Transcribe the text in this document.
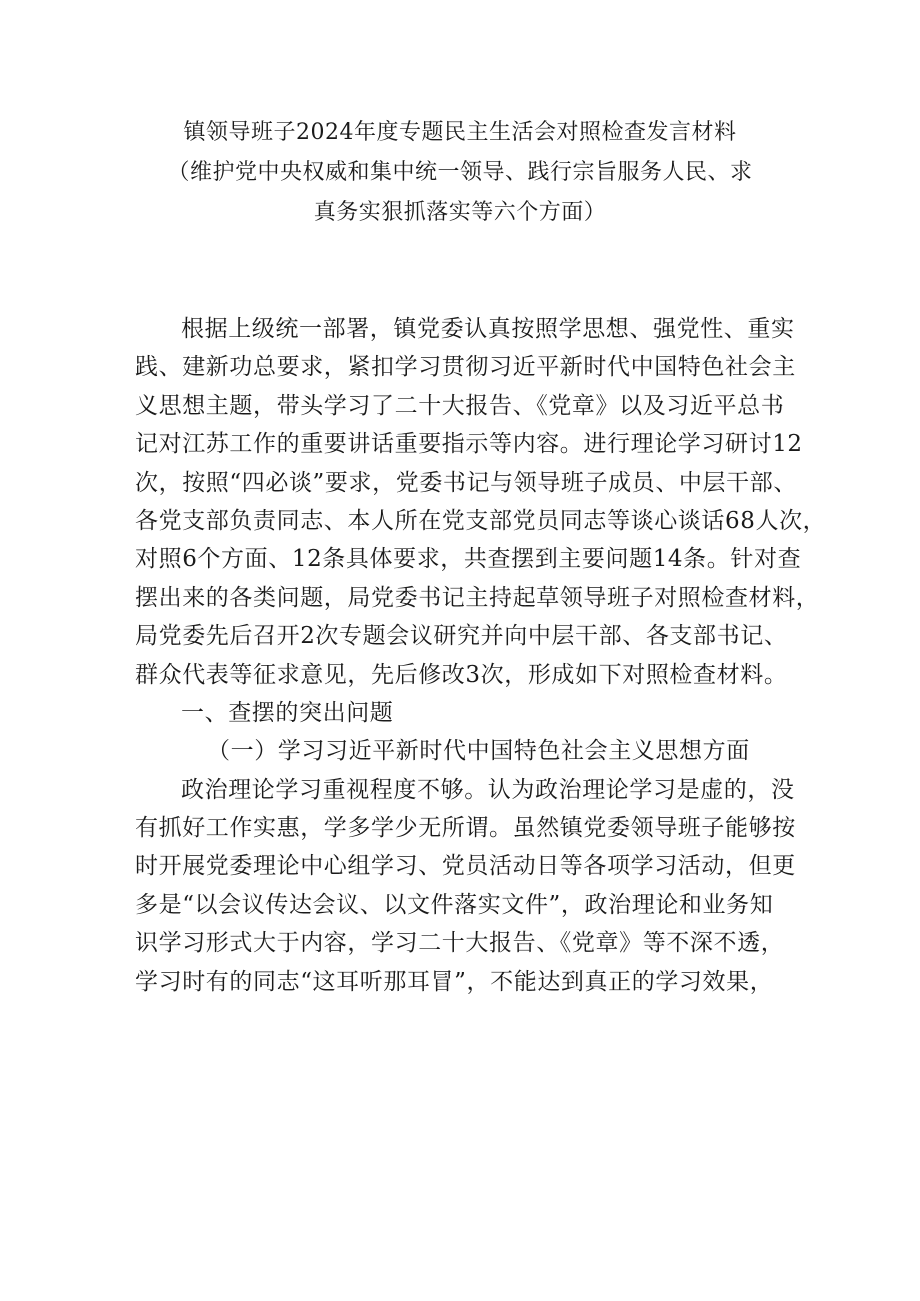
镇领导班子2024年度专题民主生活会对照检查发言材料
（维护党中央权威和集中统一领导、践行宗旨服务人民、求
真务实狠抓落实等六个方面）
根据上级统一部署，镇党委认真按照学思想、强党性、重实
践、建新功总要求，紧扣学习贯彻习近平新时代中国特色社会主
义思想主题，带头学习了二十大报告、《党章》以及习近平总书
记对江苏工作的重要讲话重要指示等内容。进行理论学习研讨12
次，按照“四必谈”要求，党委书记与领导班子成员、中层干部、
各党支部负责同志、本人所在党支部党员同志等谈心谈话68人次，
对照6个方面、12条具体要求，共查摆到主要问题14条。针对查
摆出来的各类问题，局党委书记主持起草领导班子对照检查材料，
局党委先后召开2次专题会议研究并向中层干部、各支部书记、
群众代表等征求意见，先后修改3次，形成如下对照检查材料。
一、查摆的突出问题
（一）学习习近平新时代中国特色社会主义思想方面
政治理论学习重视程度不够。认为政治理论学习是虚的，没
有抓好工作实惠，学多学少无所谓。虽然镇党委领导班子能够按
时开展党委理论中心组学习、党员活动日等各项学习活动，但更
多是“以会议传达会议、以文件落实文件”，政治理论和业务知
识学习形式大于内容，学习二十大报告、《党章》等不深不透，
学习时有的同志“这耳听那耳冒”，不能达到真正的学习效果，
